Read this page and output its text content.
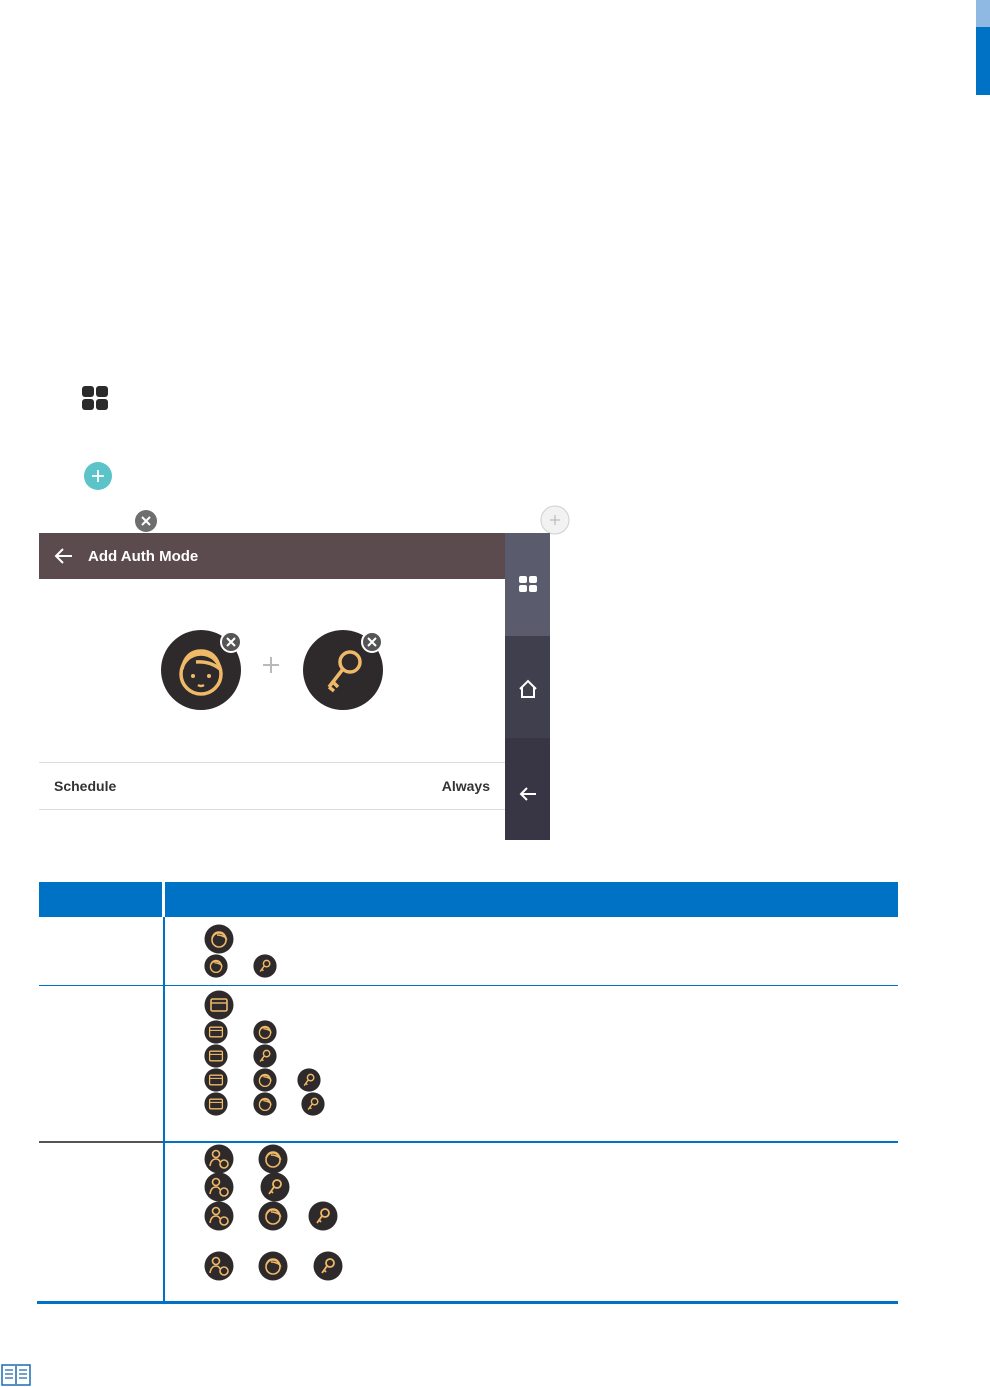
Add Auth Mode
Schedule	Always
